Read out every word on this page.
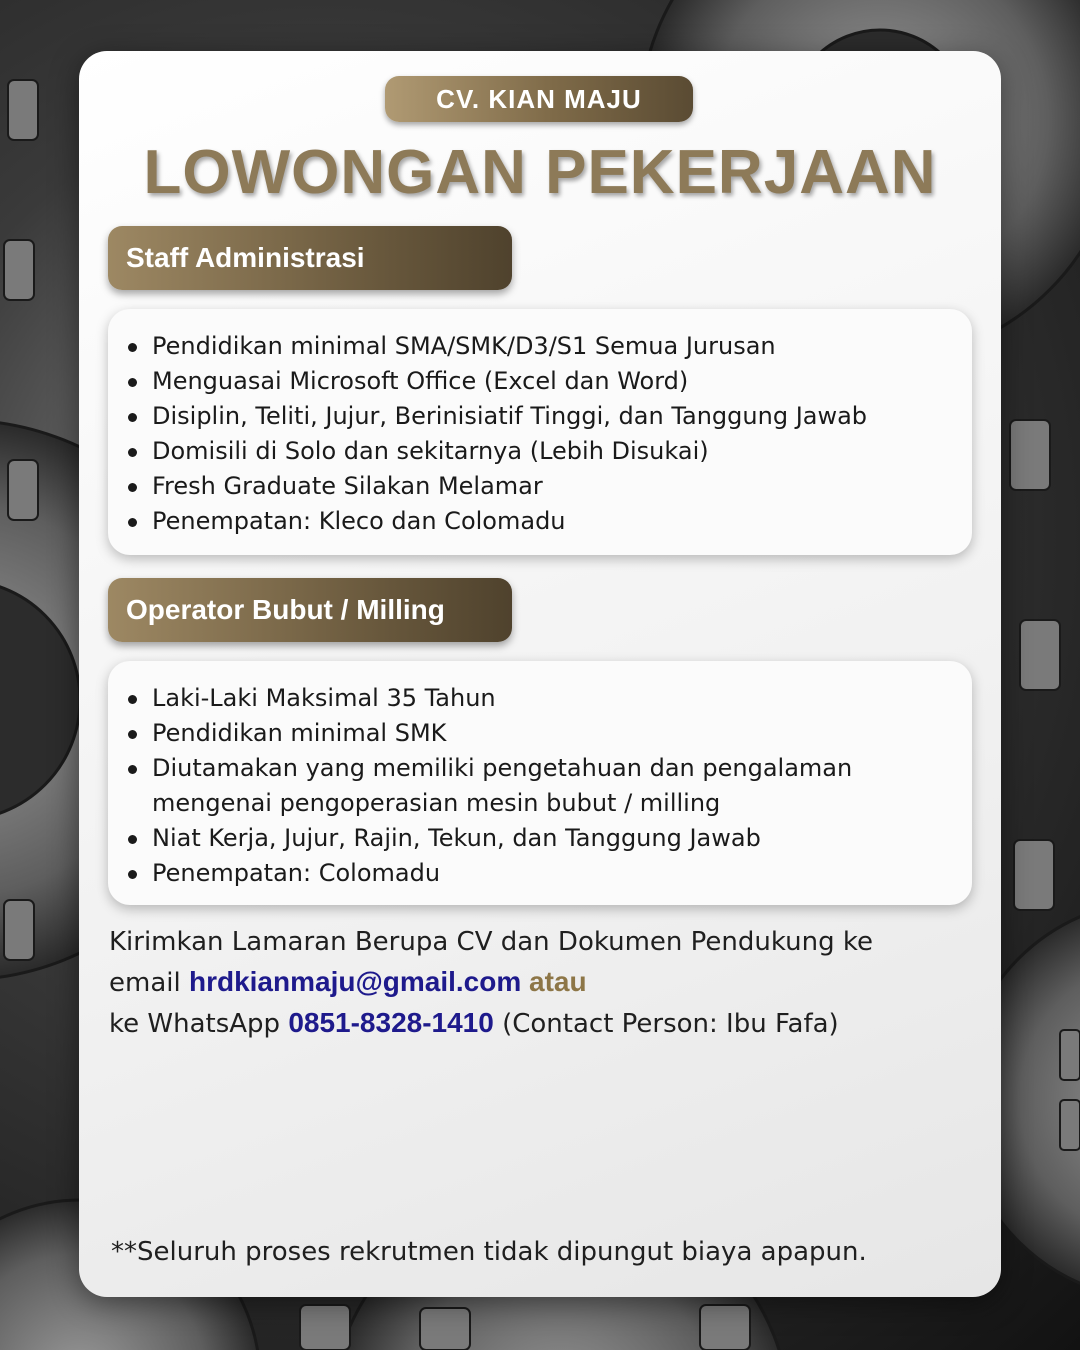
CV. KIAN MAJU
LOWONGAN PEKERJAAN
Staff Administrasi
Pendidikan minimal SMA/SMK/D3/S1 Semua Jurusan
Menguasai Microsoft Office (Excel dan Word)
Disiplin, Teliti, Jujur, Berinisiatif Tinggi, dan Tanggung Jawab
Domisili di Solo dan sekitarnya (Lebih Disukai)
Fresh Graduate Silakan Melamar
Penempatan: Kleco dan Colomadu
Operator Bubut / Milling
Laki-Laki Maksimal 35 Tahun
Pendidikan minimal SMK
Diutamakan yang memiliki pengetahuan dan pengalaman
mengenai pengoperasian mesin bubut / milling
Niat Kerja, Jujur, Rajin, Tekun, dan Tanggung Jawab
Penempatan: Colomadu
Kirimkan Lamaran Berupa CV dan Dokumen Pendukung ke
email hrdkianmaju@gmail.com atau
ke WhatsApp 0851-8328-1410 (Contact Person: Ibu Fafa)
**Seluruh proses rekrutmen tidak dipungut biaya apapun.
